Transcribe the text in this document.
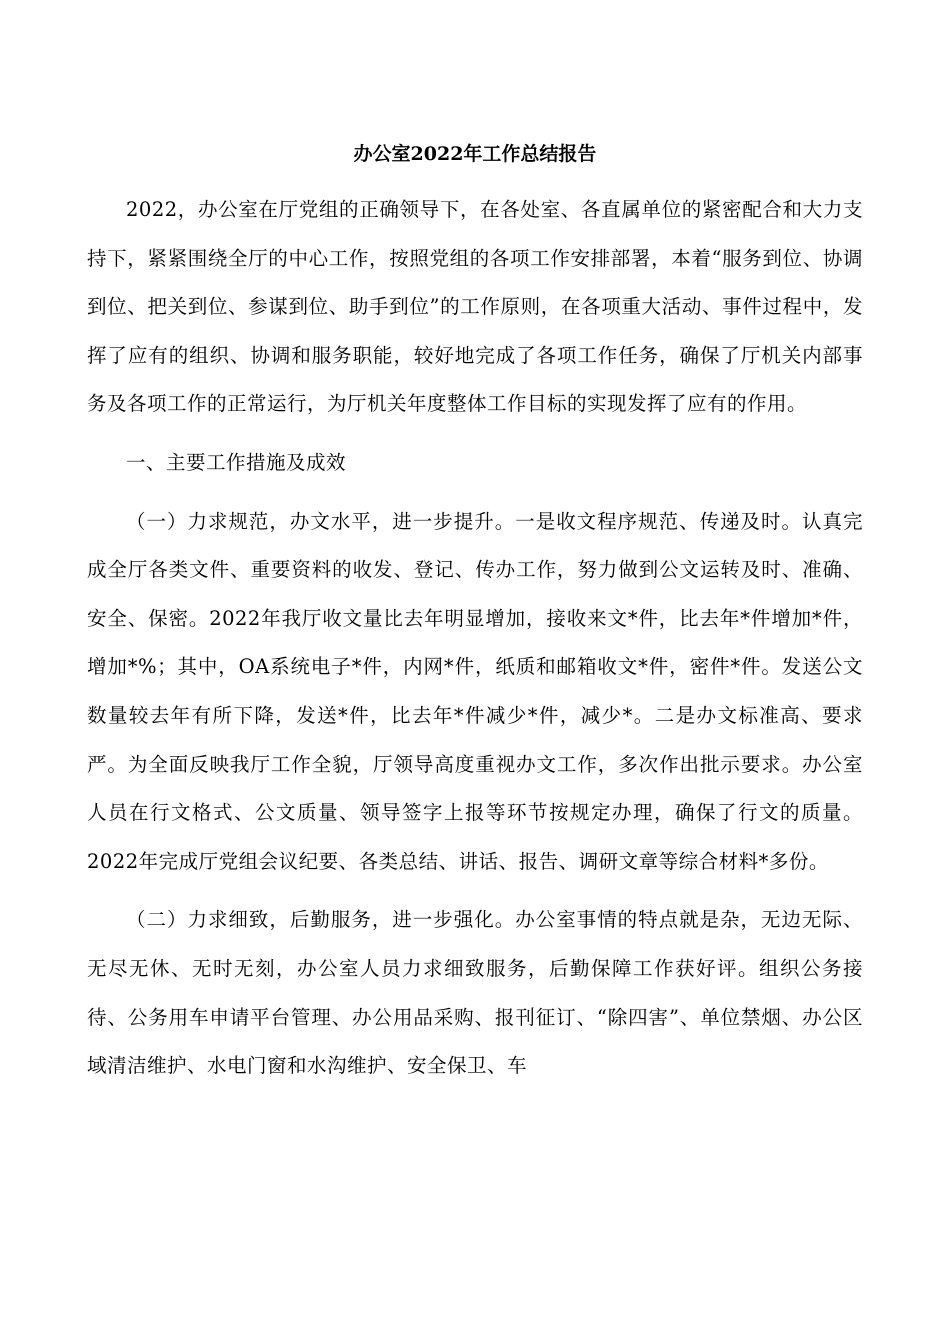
办公室2022年工作总结报告

2022，办公室在厅党组的正确领导下，在各处室、各直属单位的紧密配合和大力支持下，紧紧围绕全厅的中心工作，按照党组的各项工作安排部署，本着“服务到位、协调到位、把关到位、参谋到位、助手到位”的工作原则，在各项重大活动、事件过程中，发挥了应有的组织、协调和服务职能，较好地完成了各项工作任务，确保了厅机关内部事务及各项工作的正常运行，为厅机关年度整体工作目标的实现发挥了应有的作用。

一、主要工作措施及成效

（一）力求规范，办文水平，进一步提升。一是收文程序规范、传递及时。认真完成全厅各类文件、重要资料的收发、登记、传办工作，努力做到公文运转及时、准确、安全、保密。2022年我厅收文量比去年明显增加，接收来文*件，比去年*件增加*件，增加*%；其中，OA系统电子*件，内网*件，纸质和邮箱收文*件，密件*件。发送公文数量较去年有所下降，发送*件，比去年*件减少*件，减少*。二是办文标准高、要求严。为全面反映我厅工作全貌，厅领导高度重视办文工作，多次作出批示要求。办公室人员在行文格式、公文质量、领导签字上报等环节按规定办理，确保了行文的质量。2022年完成厅党组会议纪要、各类总结、讲话、报告、调研文章等综合材料*多份。

（二）力求细致，后勤服务，进一步强化。办公室事情的特点就是杂，无边无际、无尽无休、无时无刻，办公室人员力求细致服务，后勤保障工作获好评。组织公务接待、公务用车申请平台管理、办公用品采购、报刊征订、“除四害”、单位禁烟、办公区域清洁维护、水电门窗和水沟维护、安全保卫、车
